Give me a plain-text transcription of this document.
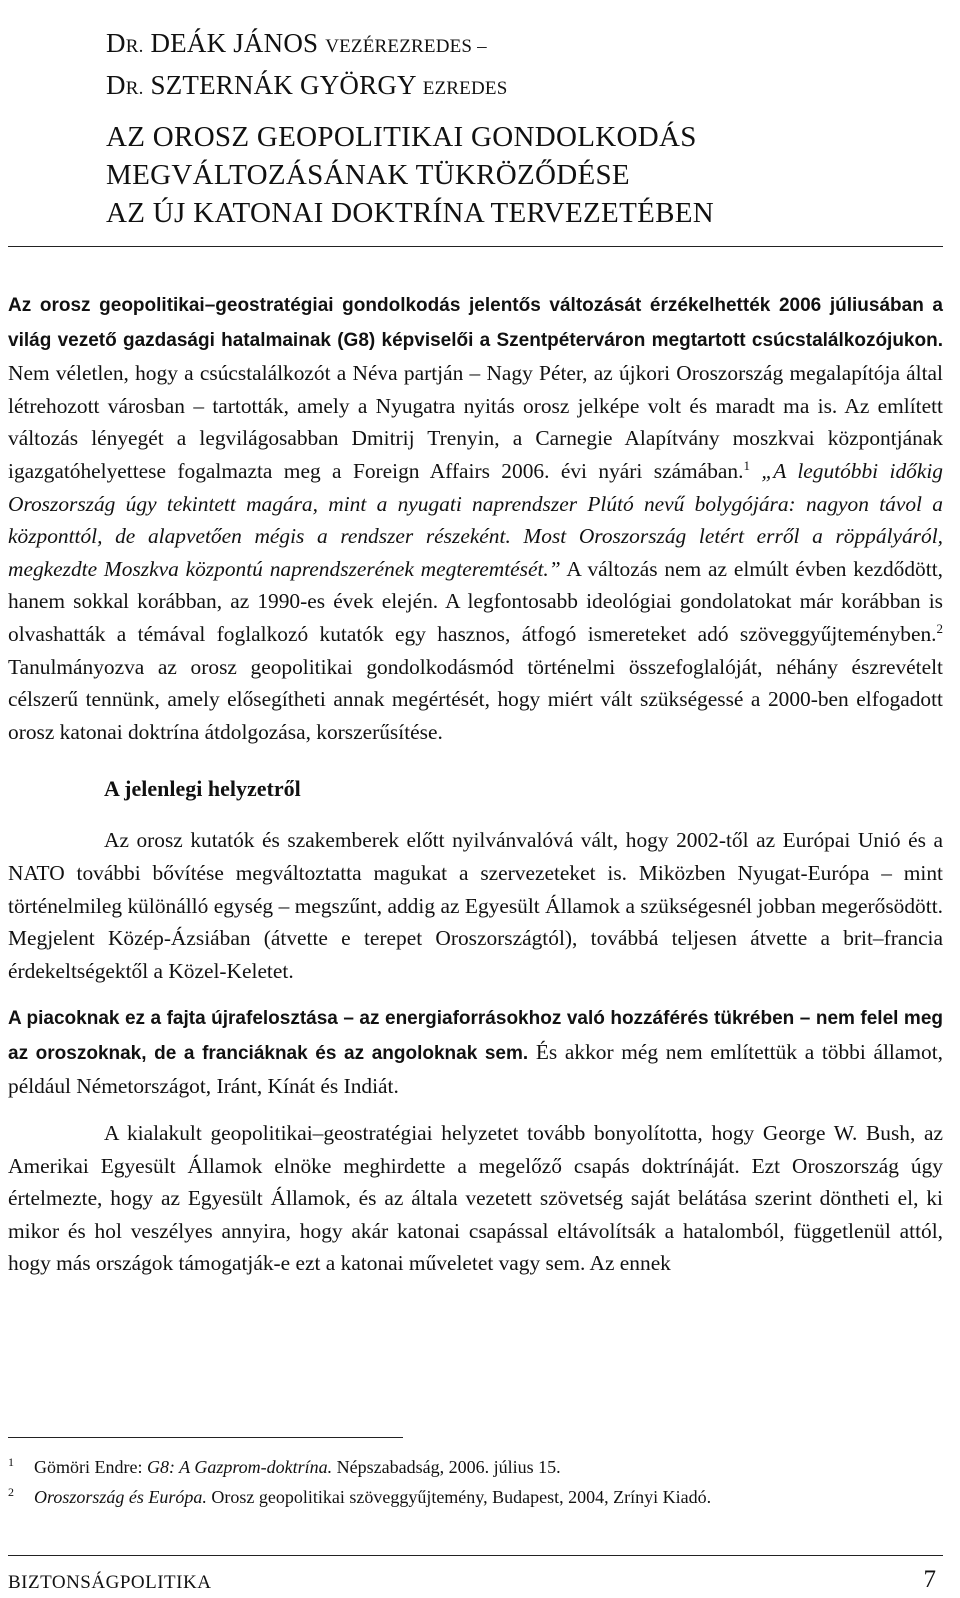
DR. DEÁK JÁNOS VEZÉREZREDES –
DR. SZTERNÁK GYÖRGY EZREDES
AZ OROSZ GEOPOLITIKAI GONDOLKODÁS
MEGVÁLTOZÁSÁNAK TÜKRÖZŐDÉSE
AZ ÚJ KATONAI DOKTRÍNA TERVEZETÉBEN

Az orosz geopolitikai–geostratégiai gondolkodás jelentős változását érzékelhették 2006 júliusában a világ vezető gazdasági hatalmainak (G8) képviselői a Szentpéterváron megtartott csúcstalálkozójukon. Nem véletlen, hogy a csúcstalálkozót a Néva partján – Nagy Péter, az újkori Oroszország megalapítója által létrehozott városban – tartották, amely a Nyugatra nyitás orosz jelképe volt és maradt ma is. Az említett változás lényegét a legvilágosabban Dmitrij Trenyin, a Carnegie Alapítvány moszkvai központjának igazgatóhelyettese fogalmazta meg a Foreign Affairs 2006. évi nyári számában.$^1$ „A legutóbbi időkig Oroszország úgy tekintett magára, mint a nyugati naprendszer Plútó nevű bolygójára: nagyon távol a központtól, de alapvetően mégis a rendszer részeként. Most Oroszország letért erről a röppályáról, megkezdte Moszkva központú naprendszerének megteremtését.” A változás nem az elmúlt évben kezdődött, hanem sokkal korábban, az 1990-es évek elején. A legfontosabb ideológiai gondolatokat már korábban is olvashatták a témával foglalkozó kutatók egy hasznos, átfogó ismereteket adó szöveggyűjteményben.$^2$ Tanulmányozva az orosz geopolitikai gondolkodásmód történelmi összefoglalóját, néhány észrevételt célszerű tennünk, amely elősegítheti annak megértését, hogy miért vált szükségessé a 2000-ben elfogadott orosz katonai doktrína átdolgozása, korszerűsítése.

A jelenlegi helyzetről

Az orosz kutatók és szakemberek előtt nyilvánvalóvá vált, hogy 2002-től az Európai Unió és a NATO további bővítése megváltoztatta magukat a szervezeteket is. Miközben Nyugat-Európa – mint történelmileg különálló egység – megszűnt, addig az Egyesült Államok a szükségesnél jobban megerősödött. Megjelent Közép-Ázsiában (átvette e terepet Oroszországtól), továbbá teljesen átvette a brit–francia érdekeltségektől a Közel-Keletet.

A piacoknak ez a fajta újrafelosztása – az energiaforrásokhoz való hozzáférés tükrében – nem felel meg az oroszoknak, de a franciáknak és az angoloknak sem. És akkor még nem említettük a többi államot, például Németországot, Iránt, Kínát és Indiát.

A kialakult geopolitikai–geostratégiai helyzetet tovább bonyolította, hogy George W. Bush, az Amerikai Egyesült Államok elnöke meghirdette a megelőző csapás doktrínáját. Ezt Oroszország úgy értelmezte, hogy az Egyesült Államok, és az általa vezetett szövetség saját belátása szerint döntheti el, ki mikor és hol veszélyes annyira, hogy akár katonai csapással eltávolítsák a hatalomból, függetlenül attól, hogy más országok támogatják-e ezt a katonai műveletet vagy sem. Az ennek

1 Gömöri Endre: G8: A Gazprom-doktrína. Népszabadság, 2006. július 15.
2 Oroszország és Európa. Orosz geopolitikai szöveggyűjtemény, Budapest, 2004, Zrínyi Kiadó.
BIZTONSÁGPOLITIKA	7
